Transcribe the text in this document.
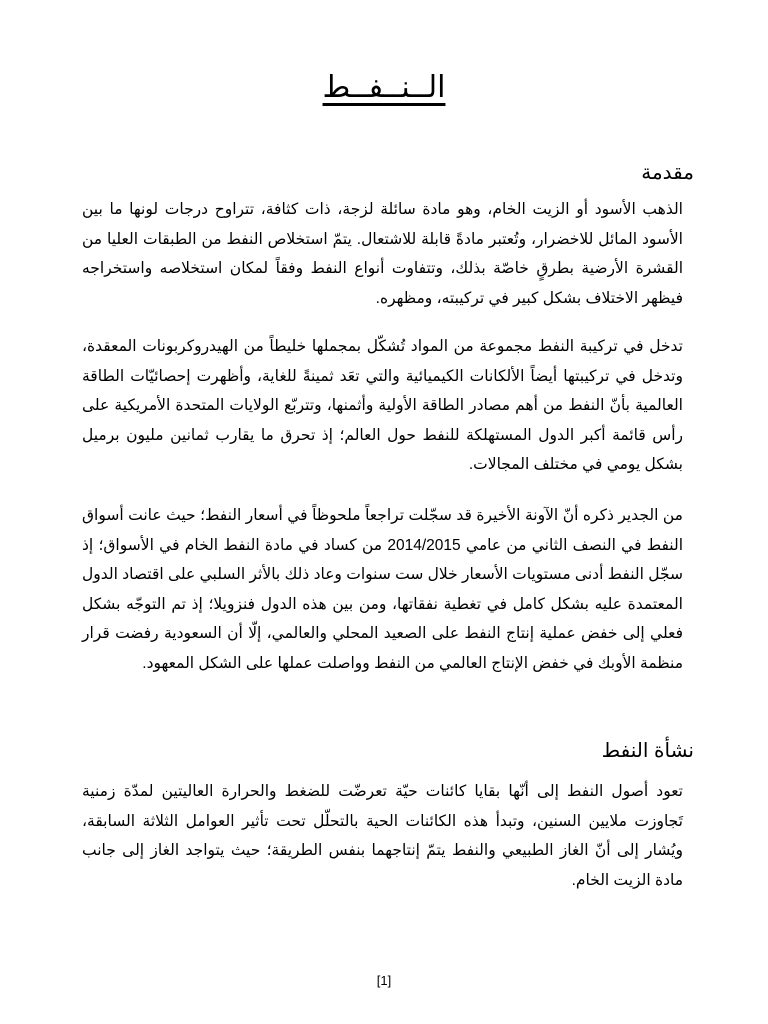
الــنــفــط
مقدمة
الذهب الأسود أو الزيت الخام، وهو مادة سائلة لزجة، ذات كثافة، تتراوح درجات لونها ما بين الأسود المائل للاخضرار، وتُعتبر مادةً قابلة للاشتعال. يتمّ استخلاص النفط من الطبقات العليا من القشرة الأرضية بطرقٍ خاصّة بذلك، وتتفاوت أنواع النفط وفقاً لمكان استخلاصه واستخراجه فيظهر الاختلاف بشكل كبير في تركيبته، ومظهره.
تدخل في تركيبة النفط مجموعة من المواد تُشكّل بمجملها خليطاً من الهيدروكربونات المعقدة، وتدخل في تركيبتها أيضاً الألكانات الكيميائية والتي تعَد ثمينةً للغاية، وأظهرت إحصائيّات الطاقة العالمية بأنّ النفط من أهم مصادر الطاقة الأولية وأثمنها، وتتربّع الولايات المتحدة الأمريكية على رأس قائمة أكبر الدول المستهلكة للنفط حول العالم؛ إذ تحرق ما يقارب ثمانين مليون برميل بشكل يومي في مختلف المجالات.
من الجدير ذكره أنّ الآونة الأخيرة قد سجّلت تراجعاً ملحوظاً في أسعار النفط؛ حيث عانت أسواق النفط في النصف الثاني من عامي 2014/2015 من كساد في مادة النفط الخام في الأسواق؛ إذ سجّل النفط أدنى مستويات الأسعار خلال ست سنوات وعاد ذلك بالأثر السلبي على اقتصاد الدول المعتمدة عليه بشكل كامل في تغطية نفقاتها، ومن بين هذه الدول فنزويلا؛ إذ تم التوجّه بشكل فعلي إلى خفض عملية إنتاج النفط على الصعيد المحلي والعالمي، إلّا أن السعودية رفضت قرار منظمة الأوبك في خفض الإنتاج العالمي من النفط وواصلت عملها على الشكل المعهود.
نشأة النفط
تعود أصول النفط إلى أنّها بقايا كائنات حيّة تعرضّت للضغط والحرارة العاليتين لمدّة زمنية تَجاوزت ملايين السنين، وتبدأ هذه الكائنات الحية بالتحلّل تحت تأثير العوامل الثلاثة السابقة، ويُشار إلى أنّ الغاز الطبيعي والنفط يتمّ إنتاجهما بنفس الطريقة؛ حيث يتواجد الغاز إلى جانب مادة الزيت الخام.
[1]
